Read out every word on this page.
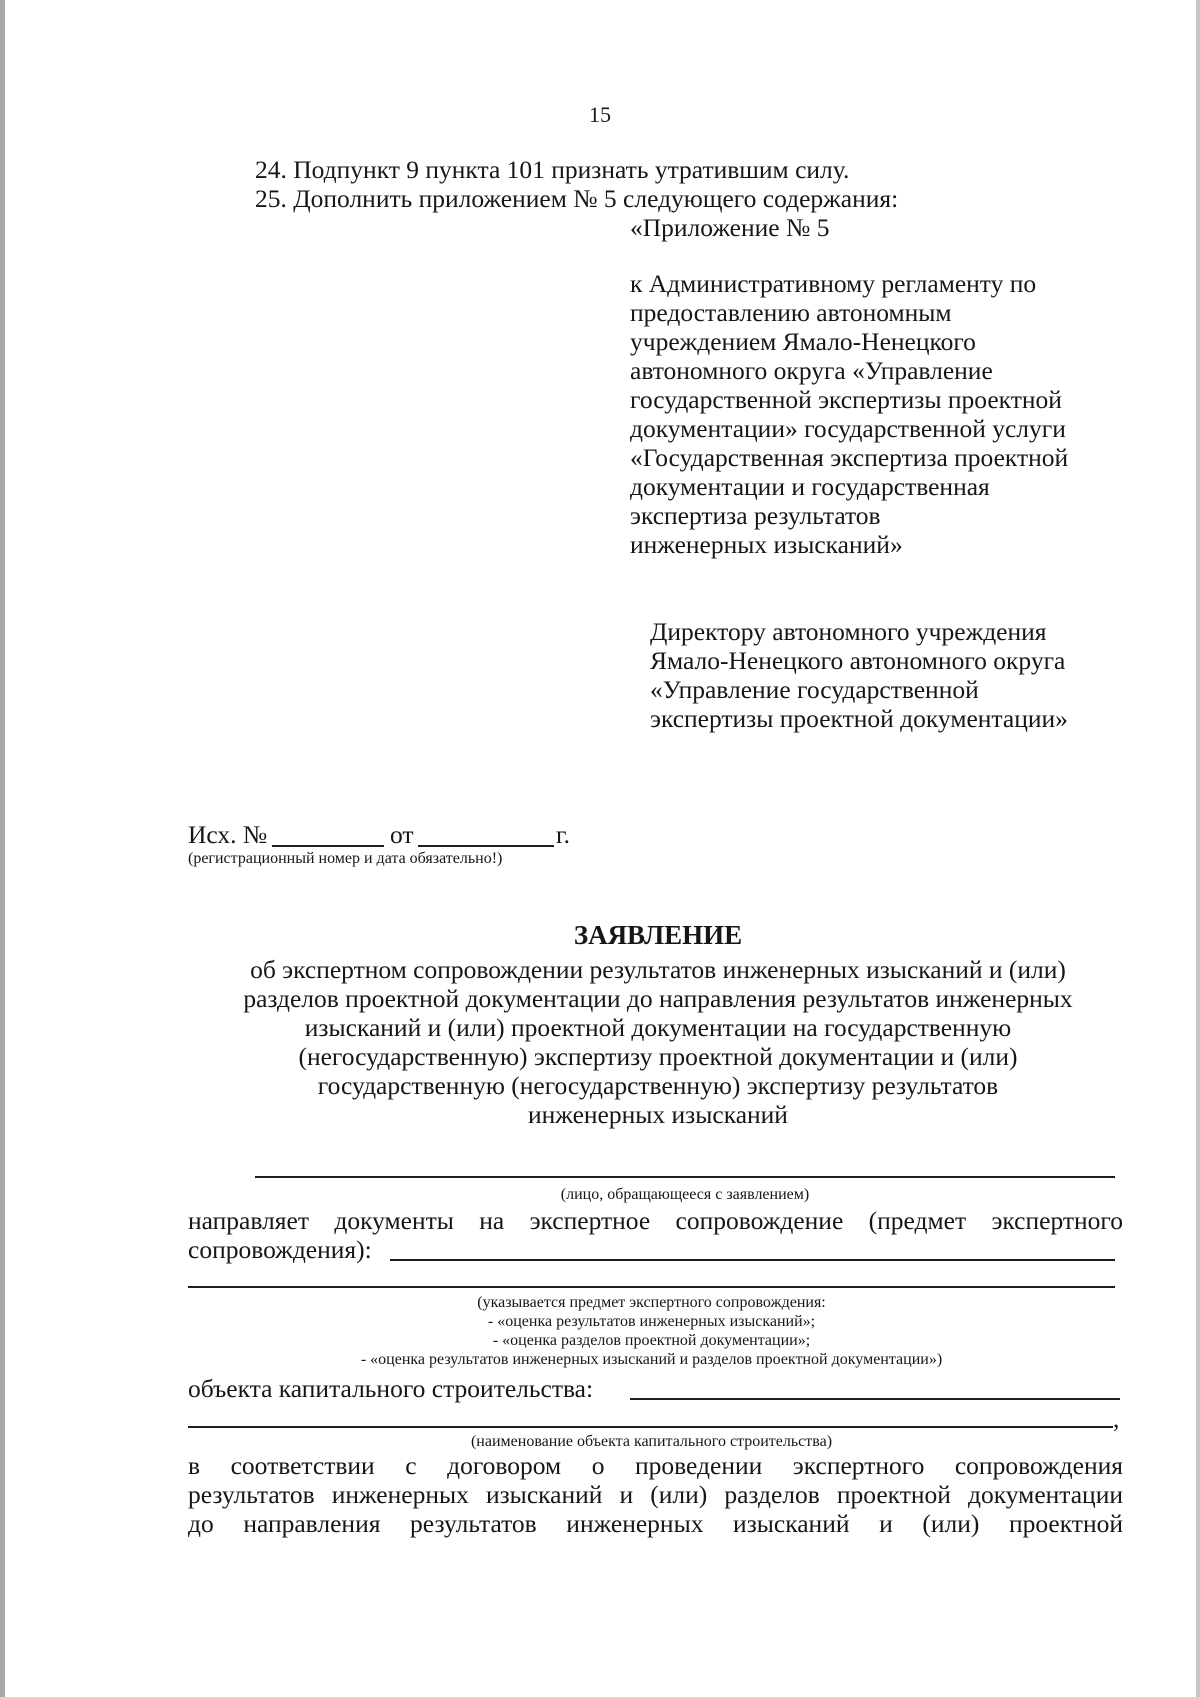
15
24. Подпункт 9 пункта 101 признать утратившим силу.
25. Дополнить приложением № 5 следующего содержания:
«Приложение № 5
к Административному регламенту по
предоставлению автономным
учреждением Ямало-Ненецкого
автономного округа «Управление
государственной экспертизы проектной
документации» государственной услуги
«Государственная экспертиза проектной
документации и государственная
экспертиза результатов
инженерных изысканий»
Директору автономного учреждения
Ямало-Ненецкого автономного округа
«Управление государственной
экспертизы проектной документации»
Исх. №	от	г.
(регистрационный номер и дата обязательно!)
ЗАЯВЛЕНИЕ
об экспертном сопровождении результатов инженерных изысканий и (или)
разделов проектной документации до направления результатов инженерных
изысканий и (или) проектной документации на государственную
(негосударственную) экспертизу проектной документации и (или)
государственную (негосударственную) экспертизу результатов
инженерных изысканий
(лицо, обращающееся с заявлением)
направляет документы на экспертное сопровождение (предмет экспертного
сопровождения):
(указывается предмет экспертного сопровождения:
- «оценка результатов инженерных изысканий»;
- «оценка разделов проектной документации»;
- «оценка результатов инженерных изысканий и разделов проектной документации»)
объекта капитального строительства:
,
(наименование объекта капитального строительства)
в соответствии с договором о проведении экспертного сопровождения
результатов инженерных изысканий и (или) разделов проектной документации
до направления результатов инженерных изысканий и (или) проектной
